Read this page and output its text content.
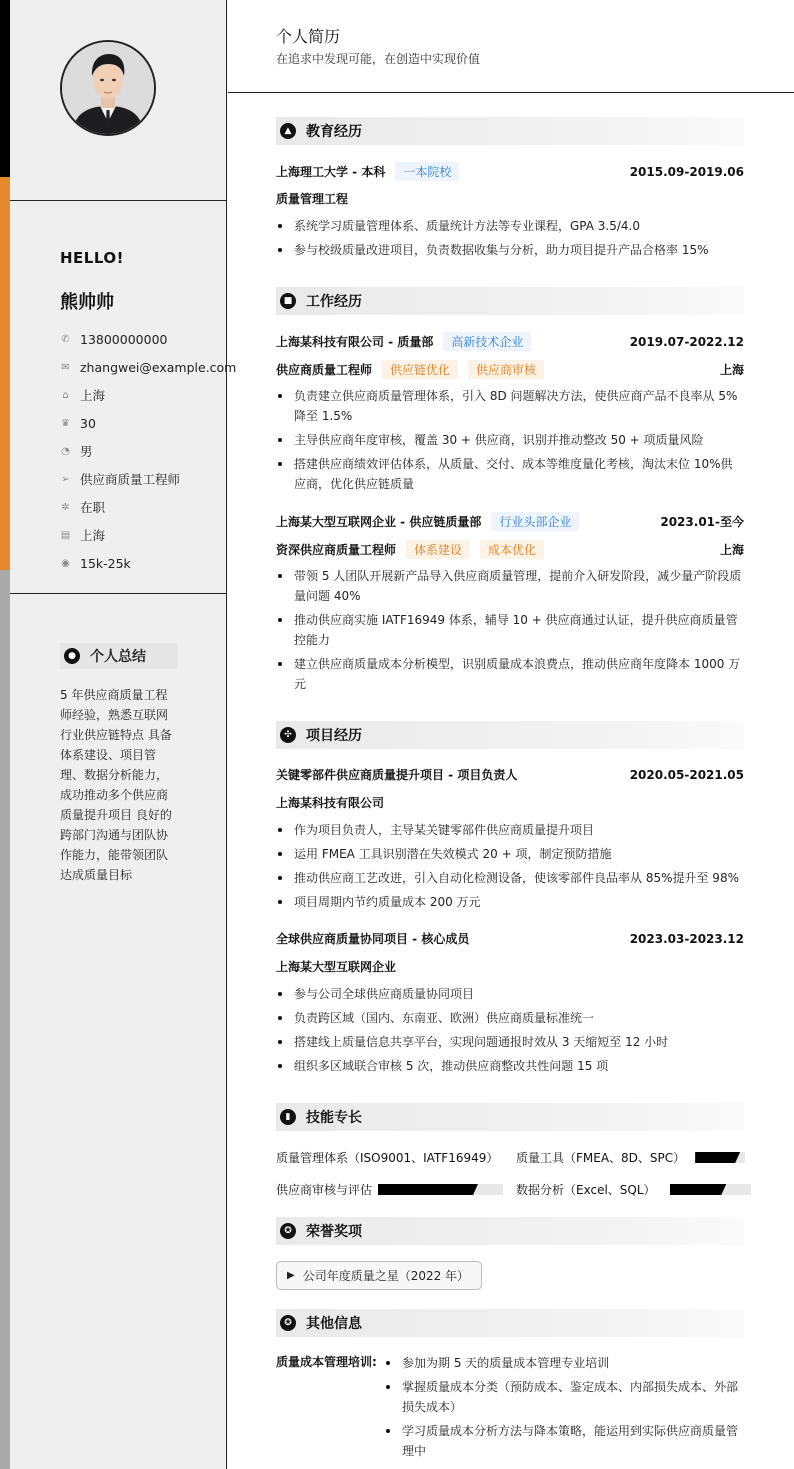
HELLO!
熊帅帅
✆ 13800000000
✉ zhangwei@example.com
⌂ 上海
♛ 30
◔ 男
➢ 供应商质量工程师
✲ 在职
▤ 上海
◉ 15k-25k
● 个人总结
5 年供应商质量工程
师经验，熟悉互联网
行业供应链特点 具备
体系建设、项目管
理、数据分析能力，
成功推动多个供应商
质量提升项目 良好的
跨部门沟通与团队协
作能力，能带领团队
达成质量目标
个人简历
在追求中发现可能，在创造中实现价值
▲	教育经历
上海理工大学 - 本科	一本院校	2015.09-2019.06
质量管理工程
系统学习质量管理体系、质量统计方法等专业课程，GPA 3.5/4.0
参与校级质量改进项目，负责数据收集与分析，助力项目提升产品合格率 15%
■ 工作经历
上海某科技有限公司 - 质量部	高新技术企业	2019.07-2022.12
供应商质量工程师	供应链优化	供应商审核	上海
负责建立供应商质量管理体系，引入 8D 问题解决方法，使供应商产品不良率从 5% 降至 1.5%
主导供应商年度审核，覆盖 30 + 供应商，识别并推动整改 50 + 项质量风险
搭建供应商绩效评估体系，从质量、交付、成本等维度量化考核，淘汰末位 10%供应商，优化供应链质量
上海某大型互联网企业 - 供应链质量部	行业头部企业	2023.01-至今
资深供应商质量工程师	体系建设	成本优化	上海
带领 5 人团队开展新产品导入供应商质量管理，提前介入研发阶段，减少量产阶段质量问题 40%
推动供应商实施 IATF16949 体系，辅导 10 + 供应商通过认证，提升供应商质量管控能力
建立供应商质量成本分析模型，识别质量成本浪费点，推动供应商年度降本 1000 万元
✣	项目经历
关键零部件供应商质量提升项目 - 项目负责人	2020.05-2021.05
上海某科技有限公司
作为项目负责人，主导某关键零部件供应商质量提升项目
运用 FMEA 工具识别潜在失效模式 20 + 项，制定预防措施
推动供应商工艺改进，引入自动化检测设备，使该零部件良品率从 85%提升至 98%
项目周期内节约质量成本 200 万元
全球供应商质量协同项目 - 核心成员	2023.03-2023.12
上海某大型互联网企业
参与公司全球供应商质量协同项目
负责跨区域（国内、东南亚、欧洲）供应商质量标准统一
搭建线上质量信息共享平台，实现问题通报时效从 3 天缩短至 12 小时
组织多区域联合审核 5 次，推动供应商整改共性问题 15 项
▮	技能专长
质量管理体系（ISO9001、IATF16949） 质量工具（FMEA、8D、SPC）
供应商审核与评估	数据分析（Excel、SQL）
✪	荣誉奖项
▶ 公司年度质量之星（2022 年）
✪	其他信息
质量成本管理培训:	参加为期 5 天的质量成本管理专业培训
掌握质量成本分类（预防成本、鉴定成本、内部损失成本、外部损失成本）
学习质量成本分析方法与降本策略，能运用到实际供应商质量管理中
